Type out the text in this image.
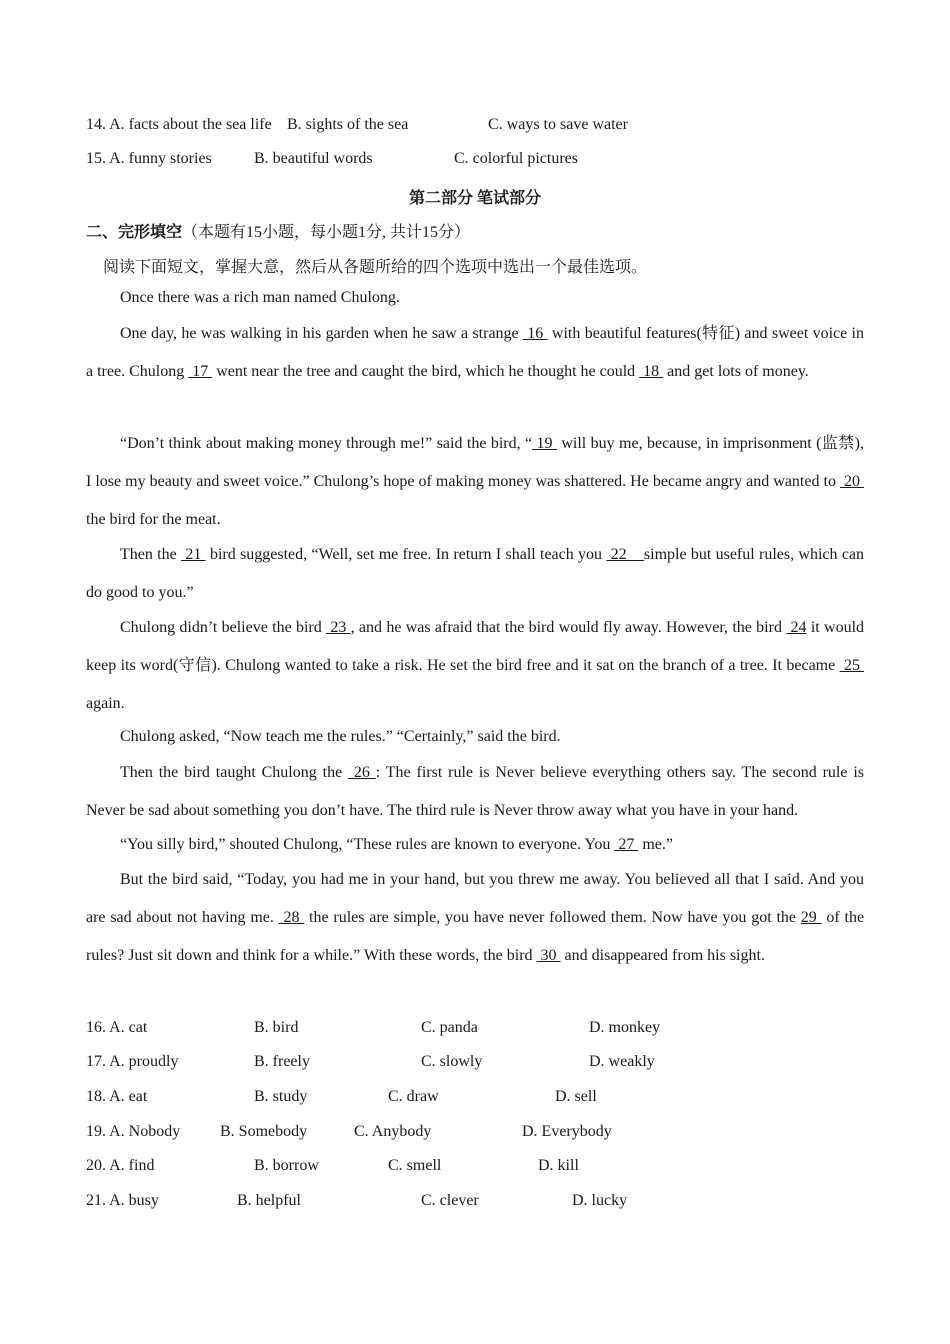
14. A. facts about the sea life B. sights of the sea	C. ways to save water
15. A. funny stories	B. beautiful words	C. colorful pictures
第二部分 笔试部分
二、完形填空（本题有15小题，每小题1分, 共计15分）
阅读下面短文，掌握大意，然后从各题所给的四个选项中选出一个最佳选项。
Once there was a rich man named Chulong.
One day, he was walking in his garden when he saw a strange  16  with beautiful features(特征) and sweet voice in a tree. Chulong  17  went near the tree and caught the bird, which he thought he could  18  and get lots of money.
“Don’t think about making money through me!” said the bird, “ 19  will buy me, because, in imprisonment (监禁), I lose my beauty and sweet voice.” Chulong’s hope of making money was shattered. He became angry and wanted to  20  the bird for the meat.
Then the  21  bird suggested, “Well, set me free. In return I shall teach you  22    simple but useful rules, which can do good to you.”
Chulong didn’t believe the bird  23 , and he was afraid that the bird would fly away. However, the bird  24 it would keep its word(守信). Chulong wanted to take a risk. He set the bird free and it sat on the branch of a tree. It became  25  again.
Chulong asked, “Now teach me the rules.” “Certainly,” said the bird.
Then the bird taught Chulong the  26 : The first rule is Never believe everything others say. The second rule is Never be sad about something you don’t have. The third rule is Never throw away what you have in your hand.
“You silly bird,” shouted Chulong, “These rules are known to everyone. You  27  me.”
But the bird said, “Today, you had me in your hand, but you threw me away. You believed all that I said. And you are sad about not having me.  28  the rules are simple, you have never followed them. Now have you got the 29  of the rules? Just sit down and think for a while.” With these words, the bird  30  and disappeared from his sight.
16. A. cat	B. bird	C. panda	D. monkey
17. A. proudly	B. freely	C. slowly	D. weakly
18. A. eat	B. study	C. draw	D. sell
19. A. Nobody B. Somebody	C. Anybody	D. Everybody
20. A. find	B. borrow	C. smell	D. kill
21. A. busy	B. helpful	C. clever	D. lucky
